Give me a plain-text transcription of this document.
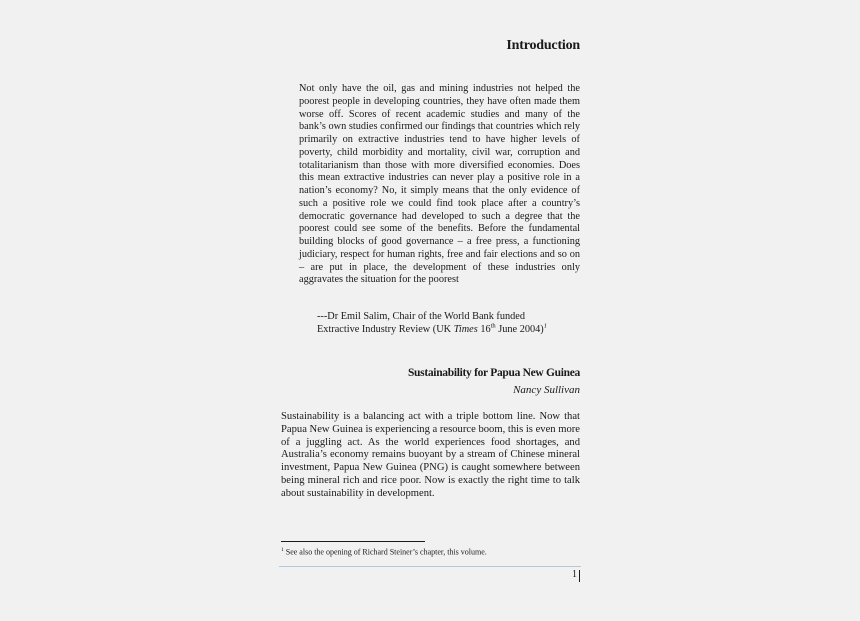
Introduction

Not only have the oil, gas and mining industries not helped the poorest people in developing countries, they have often made them worse off. Scores of recent academic studies and many of the bank’s own studies confirmed our findings that countries which rely primarily on extractive industries tend to have higher levels of poverty, child morbidity and mortality, civil war, corruption and totalitarianism than those with more diversified economies. Does this mean extractive industries can never play a positive role in a nation’s economy? No, it simply means that the only evidence of such a positive role we could find took place after a country’s democratic governance had developed to such a degree that the poorest could see some of the benefits. Before the fundamental building blocks of good governance – a free press, a functioning judiciary, respect for human rights, free and fair elections and so on – are put in place, the development of these industries only aggravates the situation for the poorest

---Dr Emil Salim, Chair of the World Bank funded
Extractive Industry Review (UK Times 16th June 2004)$^1$
Sustainability for Papua New Guinea
Nancy Sullivan

Sustainability is a balancing act with a triple bottom line. Now that Papua New Guinea is experiencing a resource boom, this is even more of a juggling act. As the world experiences food shortages, and Australia’s economy remains buoyant by a stream of Chinese mineral investment, Papua New Guinea (PNG) is caught somewhere between being mineral rich and rice poor. Now is exactly the right time to talk about sustainability in development.

$^1$ See also the opening of Richard Steiner’s chapter, this volume.
1
